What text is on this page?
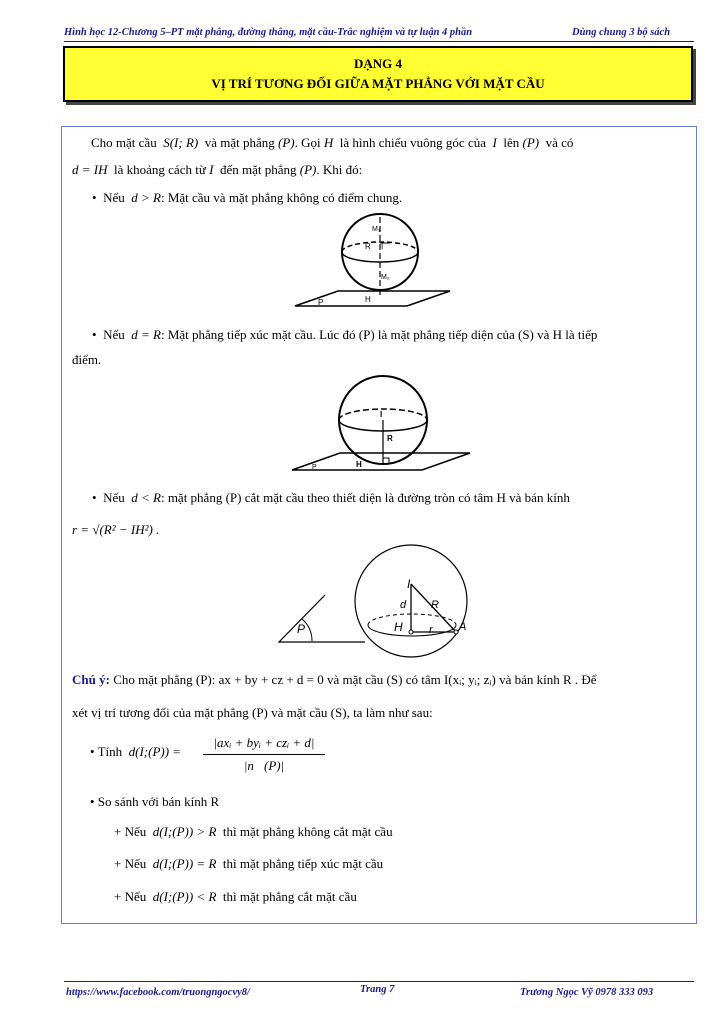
Hình học 12-Chương 5–PT mặt phẳng, đường thẳng, mặt cầu-Trắc nghiệm và tự luận 4 phần	Dùng chung 3 bộ sách
DẠNG 4
VỊ TRÍ TƯƠNG ĐỐI GIỮA MẶT PHẲNG VỚI MẶT CẦU
Cho mặt cầu S(I; R) và mặt phẳng (P). Gọi H là hình chiếu vuông góc của I lên (P) và có
d = IH là khoảng cách từ I đến mặt phẳng (P). Khi đó:
• Nếu d > R: Mặt cầu và mặt phẳng không có điểm chung.
M₁
R I
M₂
H
P
• Nếu d = R: Mặt phẳng tiếp xúc mặt cầu. Lúc đó (P) là mặt phẳng tiếp diện của (S) và H là tiếp
điểm.
I
R
H
P
• Nếu d < R: mặt phẳng (P) cắt mặt cầu theo thiết diện là đường tròn có tâm H và bán kính
r = √(R² − IH²) .
P
I
d R
H r A
Chú ý: Cho mặt phẳng (P): ax + by + cz + d = 0 và mặt cầu (S) có tâm I(xᵢ; yᵢ; zᵢ) và bán kính R . Để
xét vị trí tương đối của mặt phẳng (P) và mặt cầu (S), ta làm như sau:
• Tính d(I;(P)) =
|axᵢ + byᵢ + czᵢ + d|
|n⃗(P)|
• So sánh với bán kính R
+ Nếu d(I;(P)) > R thì mặt phẳng không cắt mặt cầu
+ Nếu d(I;(P)) = R thì mặt phẳng tiếp xúc mặt cầu
+ Nếu d(I;(P)) < R thì mặt phẳng cắt mặt cầu
https://www.facebook.com/truongngocvy8/	Trang 7	Trương Ngọc Vỹ 0978 333 093
